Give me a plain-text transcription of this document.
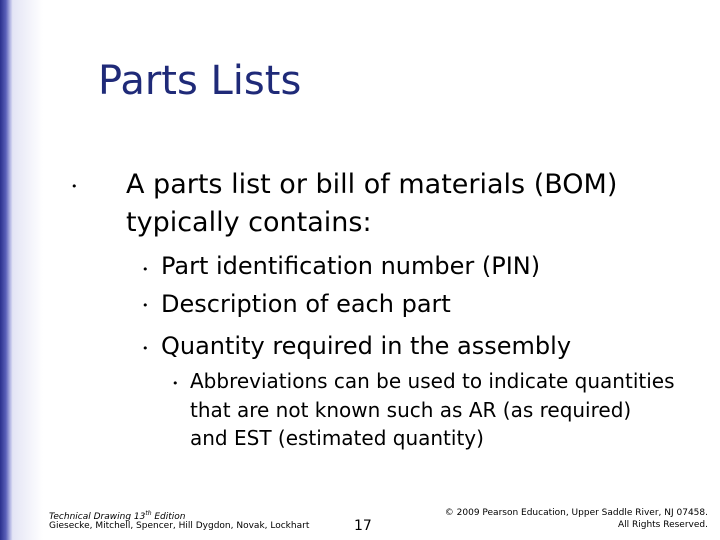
Parts Lists
• A parts list or bill of materials (BOM)
typically contains:
• Part identification number (PIN)
• Description of each part
• Quantity required in the assembly
• Abbreviations can be used to indicate quantities
that are not known such as AR (as required)
and EST (estimated quantity)
Technical Drawing 13th Edition
Giesecke, Mitchell, Spencer, Hill Dygdon, Novak, Lockhart	17
© 2009 Pearson Education, Upper Saddle River, NJ 07458.
All Rights Reserved.
